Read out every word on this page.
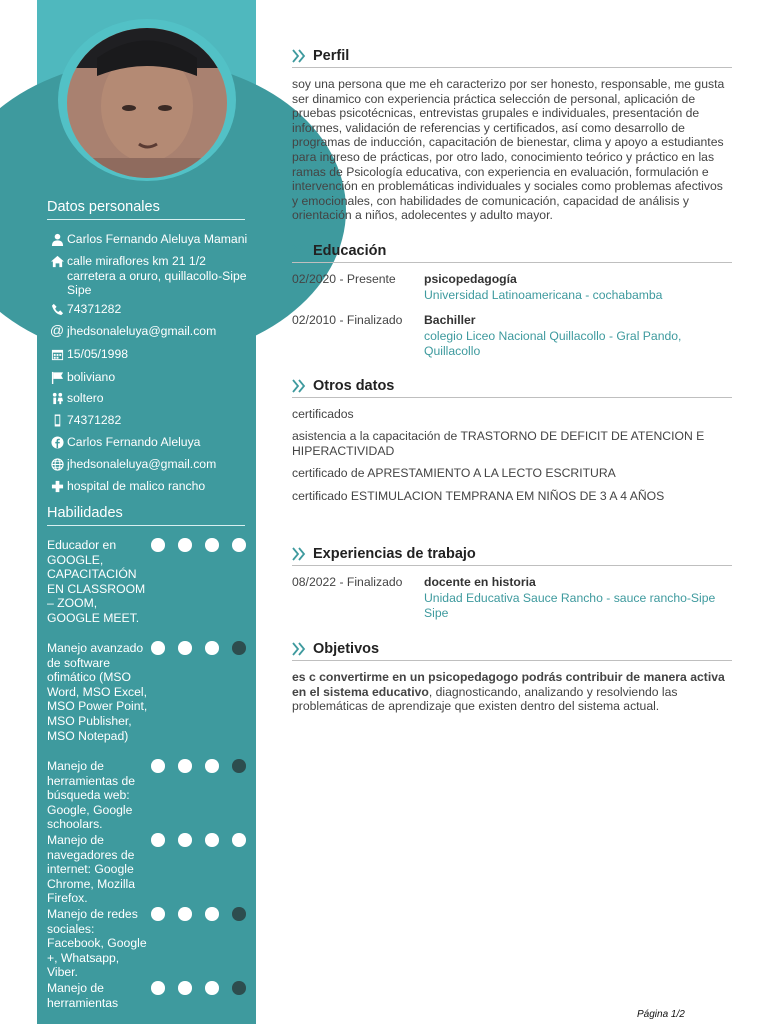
Datos personales
Carlos Fernando Aleluya Mamani
calle miraflores km 21 1/2 carretera a oruro, quillacollo-Sipe Sipe
74371282
@ jhedsonaleluya@gmail.com
15/05/1998
boliviano
soltero
74371282
Carlos Fernando Aleluya
jhedsonaleluya@gmail.com
hospital de malico rancho
Habilidades
Educador en GOOGLE, CAPACITACIÓN EN CLASSROOM – ZOOM, GOOGLE MEET.
Manejo avanzado de software ofimático (MSO Word, MSO Excel, MSO Power Point, MSO Publisher, MSO Notepad)
Manejo de herramientas de búsqueda web: Google, Google schoolars.
Manejo de navegadores de internet: Google Chrome, Mozilla Firefox.
Manejo de redes sociales: Facebook, Google +, Whatsapp, Viber.
Manejo de herramientas
Perfil
soy una persona que me eh caracterizo por ser honesto, responsable, me gusta ser dinamico con experiencia práctica selección de personal, aplicación de pruebas psicotécnicas, entrevistas grupales e individuales, presentación de informes, validación de referencias y certificados, así como desarrollo de programas de inducción, capacitación de bienestar, clima y apoyo a estudiantes para ingreso de prácticas, por otro lado, conocimiento teórico y práctico en las ramas de Psicología educativa, con experiencia en evaluación, formulación e intervención en problemáticas individuales y sociales como problemas afectivos y emocionales, con habilidades de comunicación, capacidad de análisis y orientación a niños, adolecentes y adulto mayor.
Educación
02/2020 - Presente psicopedagogía
Universidad Latinoamericana - cochabamba
02/2010 - Finalizado Bachiller
colegio Liceo Nacional Quillacollo - Gral Pando, Quillacollo
Otros datos
certificados
asistencia a la capacitación de TRASTORNO DE DEFICIT DE ATENCION E HIPERACTIVIDAD
certificado de APRESTAMIENTO A LA LECTO ESCRITURA
certificado ESTIMULACION TEMPRANA EM NIÑOS DE 3 A 4 AÑOS
Experiencias de trabajo
08/2022 - Finalizado docente en historia
Unidad Educativa Sauce Rancho - sauce rancho-Sipe Sipe
Objetivos
es c convertirme en un psicopedagogo podrás contribuir de manera activa en el sistema educativo, diagnosticando, analizando y resolviendo las problemáticas de aprendizaje que existen dentro del sistema actual.
Página 1/2
